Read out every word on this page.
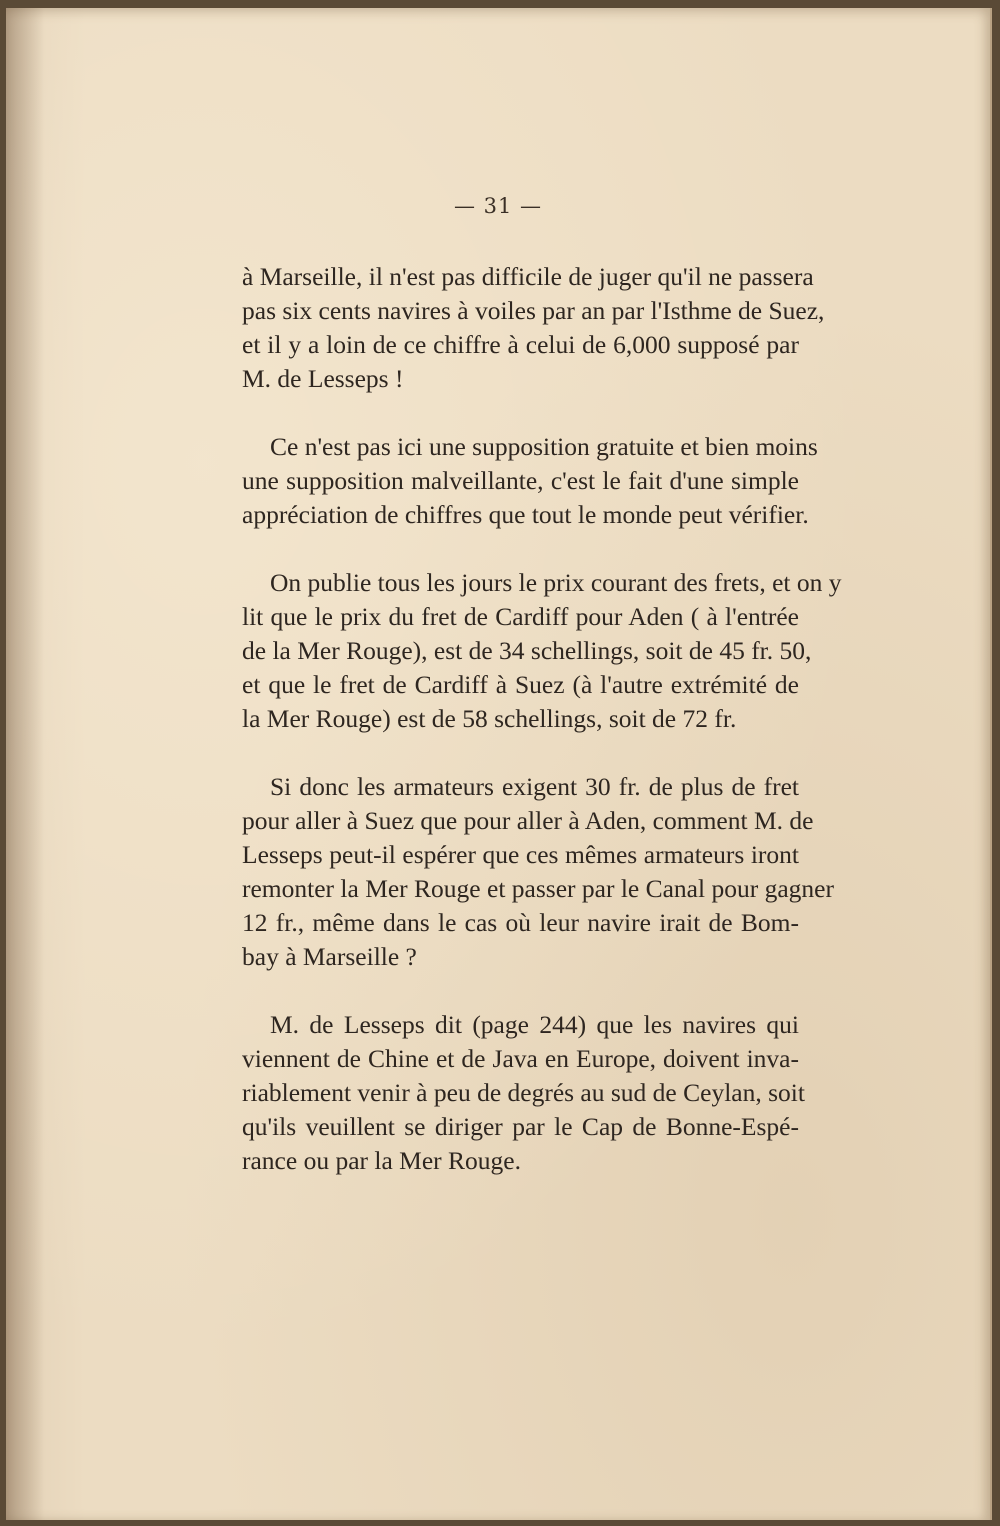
— 31 —

à Marseille, il n'est pas difficile de juger qu'il ne passera
pas six cents navires à voiles par an par l'Isthme de Suez,
et il y a loin de ce chiffre à celui de 6,000 supposé par
M. de Lesseps !

Ce n'est pas ici une supposition gratuite et bien moins
une supposition malveillante, c'est le fait d'une simple
appréciation de chiffres que tout le monde peut vérifier.

On publie tous les jours le prix courant des frets, et on y
lit que le prix du fret de Cardiff pour Aden ( à l'entrée
de la Mer Rouge), est de 34 schellings, soit de 45 fr. 50,
et que le fret de Cardiff à Suez (à l'autre extrémité de
la Mer Rouge) est de 58 schellings, soit de 72 fr.

Si donc les armateurs exigent 30 fr. de plus de fret
pour aller à Suez que pour aller à Aden, comment M. de
Lesseps peut-il espérer que ces mêmes armateurs iront
remonter la Mer Rouge et passer par le Canal pour gagner
12 fr., même dans le cas où leur navire irait de Bom-
bay à Marseille ?

M. de Lesseps dit (page 244) que les navires qui
viennent de Chine et de Java en Europe, doivent inva-
riablement venir à peu de degrés au sud de Ceylan, soit
qu'ils veuillent se diriger par le Cap de Bonne-Espé-
rance ou par la Mer Rouge.
